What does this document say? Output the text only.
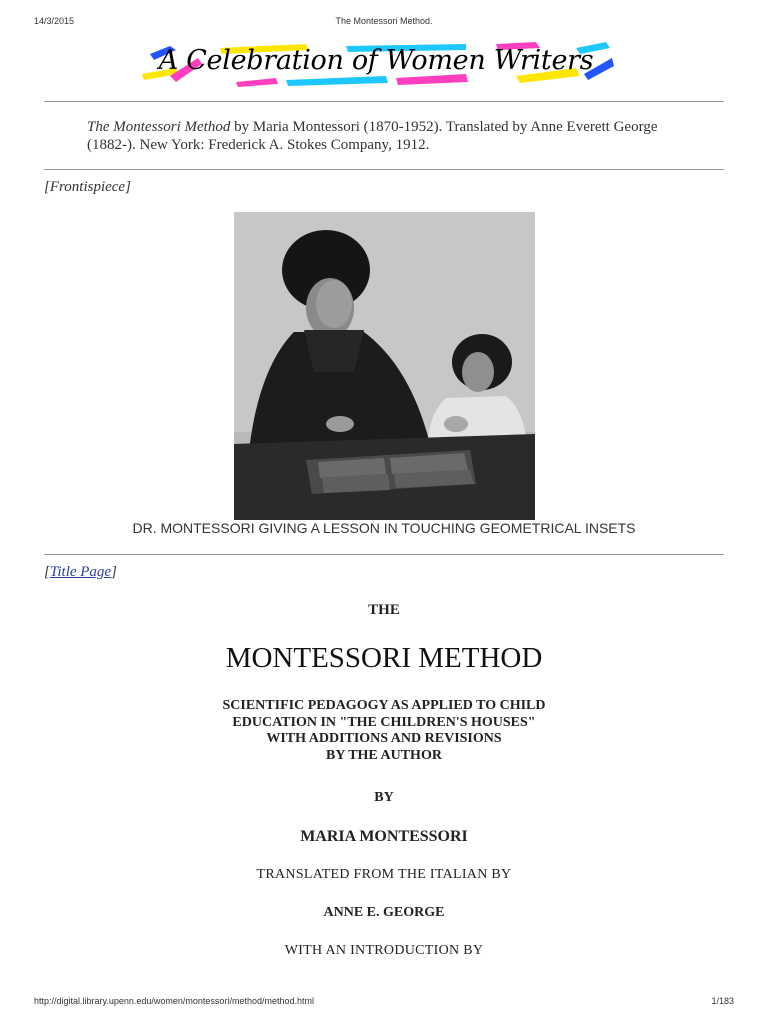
14/3/2015	The Montessori Method.
A Celebration of Women Writers
The Montessori Method by Maria Montessori (1870-1952). Translated by Anne Everett George (1882-). New York: Frederick A. Stokes Company, 1912.
[Frontispiece]
DR. MONTESSORI GIVING A LESSON IN TOUCHING GEOMETRICAL INSETS
[Title Page]
THE
MONTESSORI METHOD
SCIENTIFIC PEDAGOGY AS APPLIED TO CHILD
EDUCATION IN "THE CHILDREN'S HOUSES"
WITH ADDITIONS AND REVISIONS
BY THE AUTHOR
BY
MARIA MONTESSORI
TRANSLATED FROM THE ITALIAN BY
ANNE E. GEORGE
WITH AN INTRODUCTION BY
http://digital.library.upenn.edu/women/montessori/method/method.html	1/183
